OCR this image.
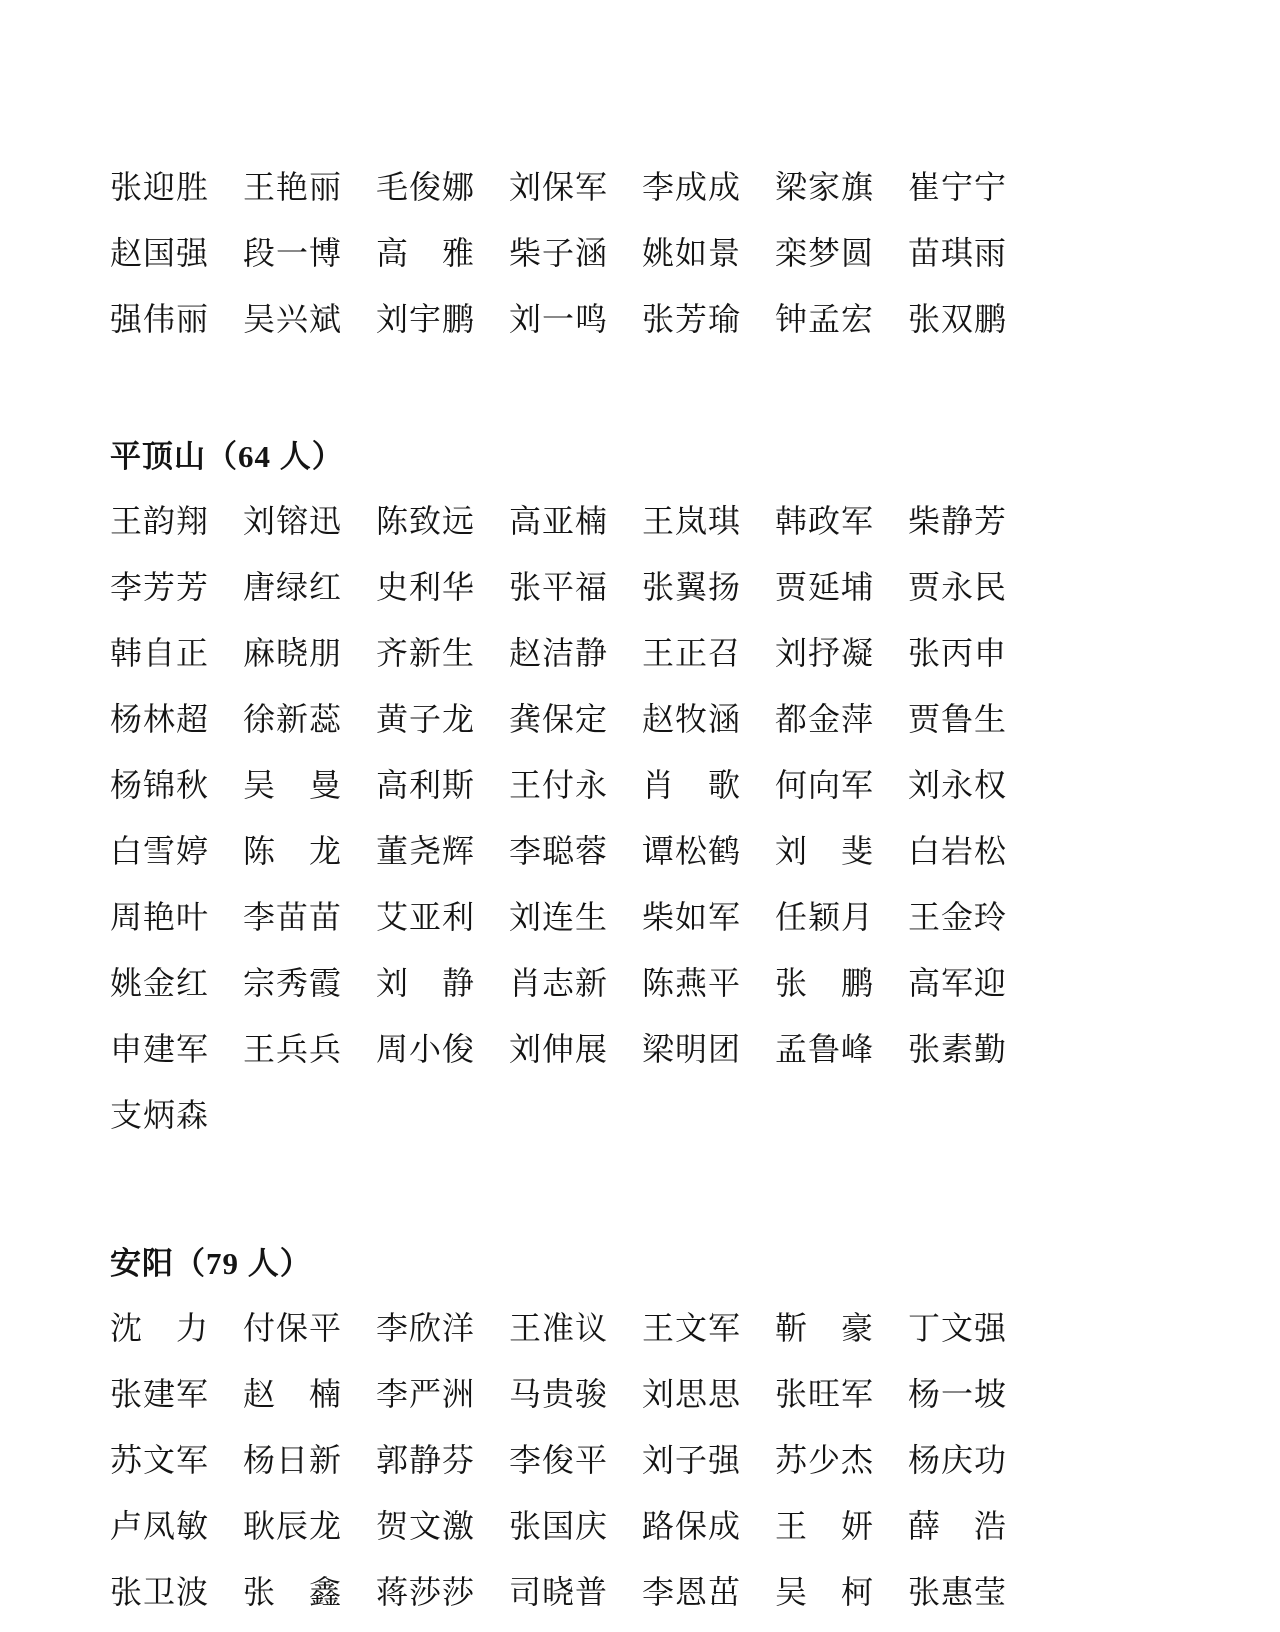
张迎胜	王艳丽	毛俊娜	刘保军	李成成	梁家旗	崔宁宁
赵国强	段一博	高　雅	柴子涵	姚如景	栾梦圆	苗琪雨
强伟丽	吴兴斌	刘宇鹏	刘一鸣	张芳瑜	钟孟宏	张双鹏
平顶山（64 人）
王韵翔	刘镕迅	陈致远	高亚楠	王岚琪	韩政军	柴静芳
李芳芳	唐绿红	史利华	张平福	张翼扬	贾延埔	贾永民
韩自正	麻晓朋	齐新生	赵洁静	王正召	刘抒凝	张丙申
杨林超	徐新蕊	黄子龙	龚保定	赵牧涵	都金萍	贾鲁生
杨锦秋	吴　曼	高利斯	王付永	肖　歌	何向军	刘永权
白雪婷	陈　龙	董尧辉	李聪蓉	谭松鹤	刘　斐	白岩松
周艳叶	李苗苗	艾亚利	刘连生	柴如军	任颖月	王金玲
姚金红	宗秀霞	刘　静	肖志新	陈燕平	张　鹏	高军迎
申建军	王兵兵	周小俊	刘伸展	梁明团	孟鲁峰	张素勤
支炳森
安阳（79 人）
沈　力	付保平	李欣洋	王准议	王文军	靳　豪	丁文强
张建军	赵　楠	李严洲	马贵骏	刘思思	张旺军	杨一坡
苏文军	杨日新	郭静芬	李俊平	刘子强	苏少杰	杨庆功
卢凤敏	耿辰龙	贺文激	张国庆	路保成	王　妍	薛　浩
张卫波	张　鑫	蒋莎莎	司晓普	李恩茁	吴　柯	张惠莹
